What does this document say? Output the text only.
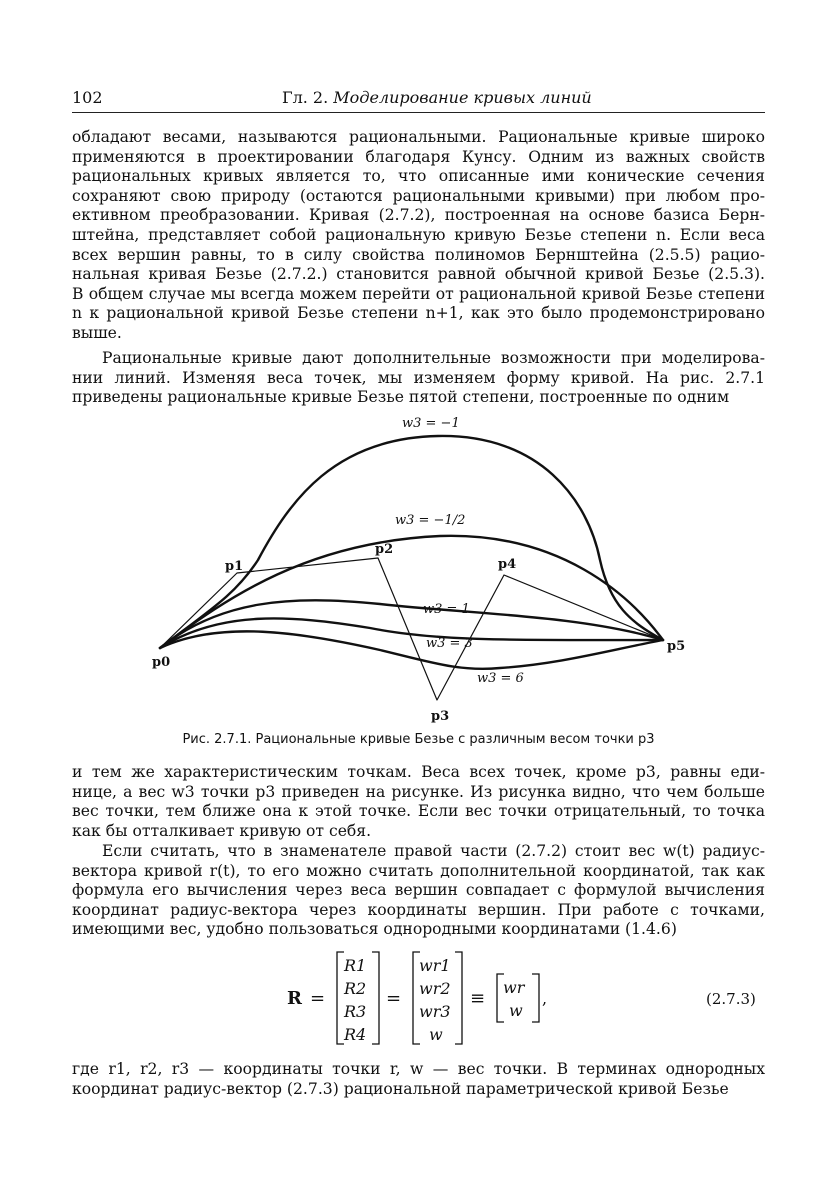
102	Гл. 2. Моделирование кривых линий
обладают весами, называются рациональными. Рациональные кривые широко
применяются в проектировании благодаря Кунсу. Одним из важных свойств
рациональных кривых является то, что описанные ими конические сечения
сохраняют свою природу (остаются рациональными кривыми) при любом про-
ективном преобразовании. Кривая (2.7.2), построенная на основе базиса Берн-
штейна, представляет собой рациональную кривую Безье степени n. Если веса
всех вершин равны, то в силу свойства полиномов Бернштейна (2.5.5) рацио-
нальная кривая Безье (2.7.2.) становится равной обычной кривой Безье (2.5.3).
В общем случае мы всегда можем перейти от рациональной кривой Безье степени
n к рациональной кривой Безье степени n+1, как это было продемонстрировано
выше.
Рациональные кривые дают дополнительные возможности при моделирова-
нии линий. Изменяя веса точек, мы изменяем форму кривой. На рис. 2.7.1
приведены рациональные кривые Безье пятой степени, построенные по одним
w3 = −1
w3 = −1/2
w3 = 1
w3 = 3
w3 = 6
p0
p1
p2
p3
p4
p5
Рис. 2.7.1. Рациональные кривые Безье с различным весом точки p3
и тем же характеристическим точкам. Веса всех точек, кроме p3, равны еди-
нице, а вес w3 точки p3 приведен на рисунке. Из рисунка видно, что чем больше
вес точки, тем ближе она к этой точке. Если вес точки отрицательный, то точка
как бы отталкивает кривую от себя.
Если считать, что в знаменателе правой части (2.7.2) стоит вес w(t) радиус-
вектора кривой r(t), то его можно считать дополнительной координатой, так как
формула его вычисления через веса вершин совпадает с формулой вычисления
координат радиус-вектора через координаты вершин. При работе с точками,
имеющими вес, удобно пользоваться однородными координатами (1.4.6)
R =
R1
R2
R3
R4
=
wr1
wr2
wr3
w
≡
wr
w
,	(2.7.3)
где r1, r2, r3 — координаты точки r, w — вес точки. В терминах однородных
координат радиус-вектор (2.7.3) рациональной параметрической кривой Безье
